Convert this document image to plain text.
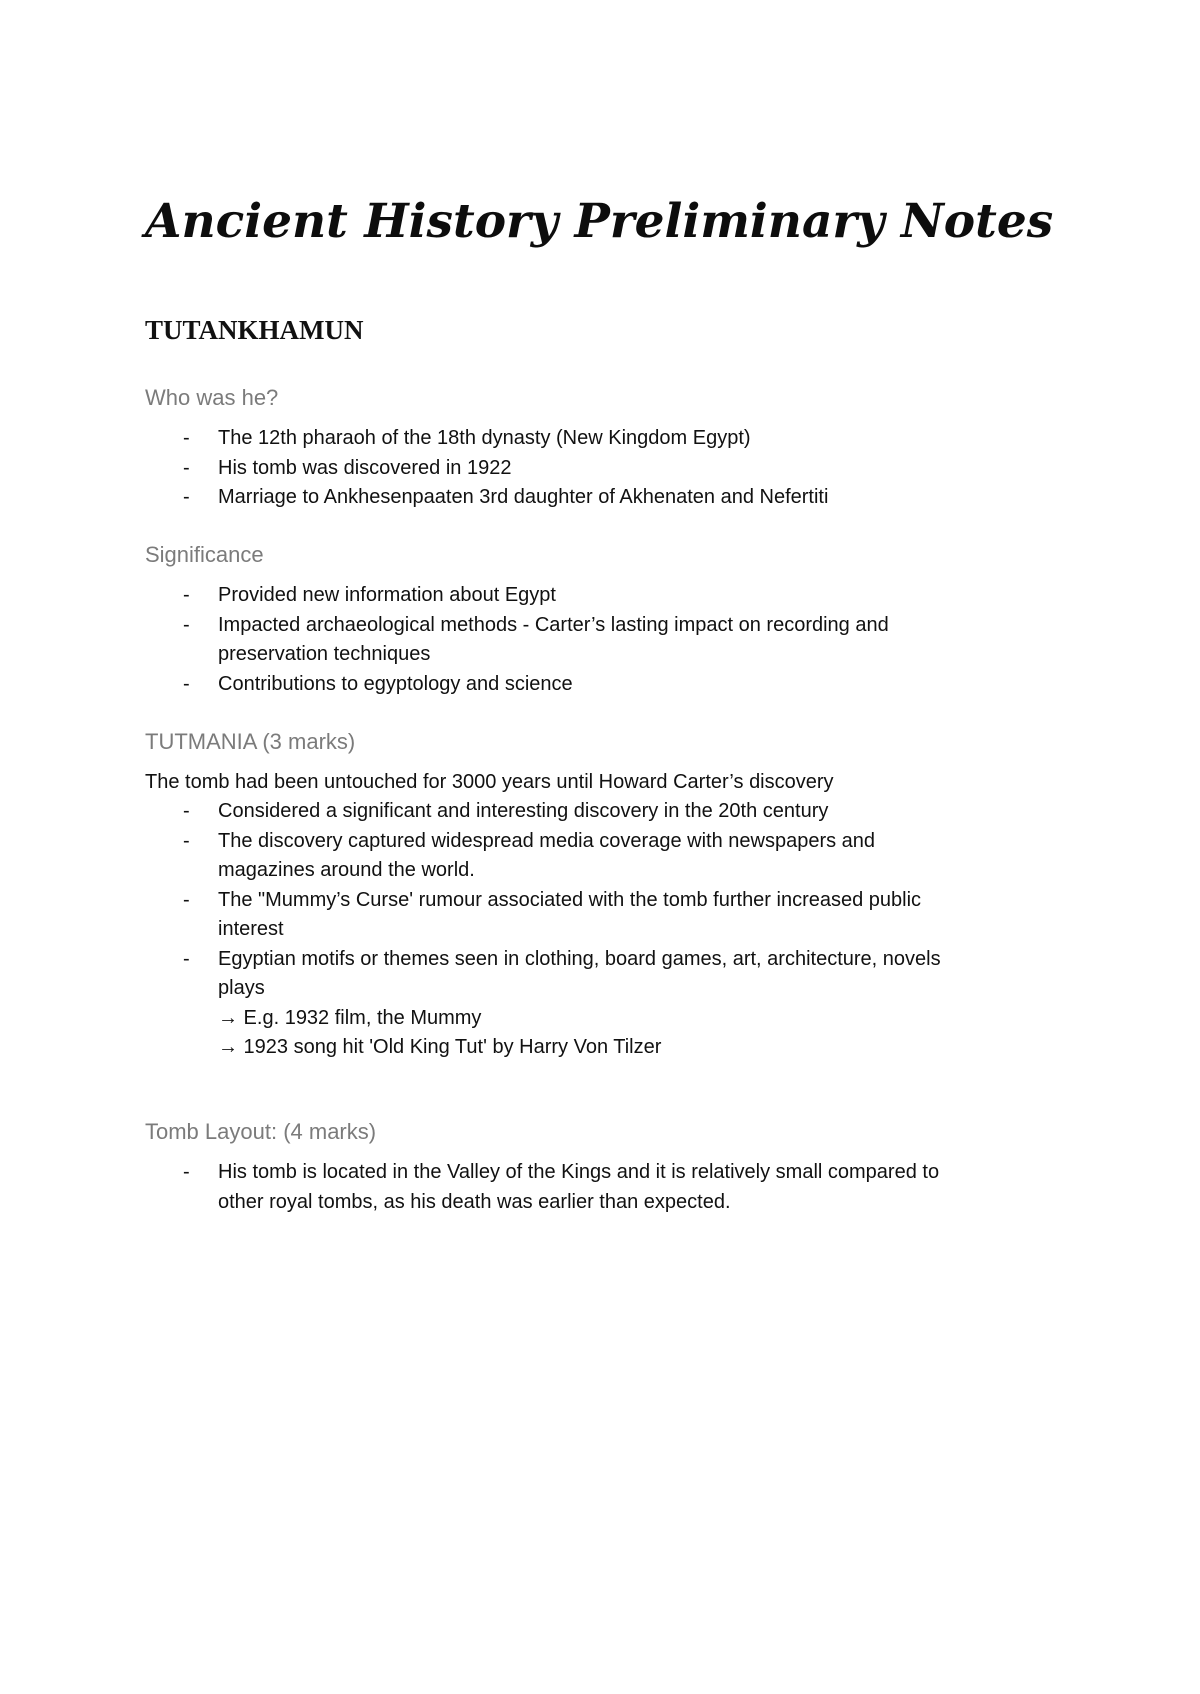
Ancient History Preliminary Notes
TUTANKHAMUN
Who was he?
- The 12th pharaoh of the 18th dynasty (New Kingdom Egypt)
- His tomb was discovered in 1922
- Marriage to Ankhesenpaaten 3rd daughter of Akhenaten and Nefertiti
Significance
- Provided new information about Egypt
- Impacted archaeological methods - Carter’s lasting impact on recording and
preservation techniques
- Contributions to egyptology and science
TUTMANIA (3 marks)

The tomb had been untouched for 3000 years until Howard Carter’s discovery

- Considered a significant and interesting discovery in the 20th century
- The discovery captured widespread media coverage with newspapers and
magazines around the world.
- The "Mummy’s Curse' rumour associated with the tomb further increased public
interest
- Egyptian motifs or themes seen in clothing, board games, art, architecture, novels
plays
→ E.g. 1932 film, the Mummy
→ 1923 song hit 'Old King Tut' by Harry Von Tilzer
Tomb Layout: (4 marks)
- His tomb is located in the Valley of the Kings and it is relatively small compared to
other royal tombs, as his death was earlier than expected.
